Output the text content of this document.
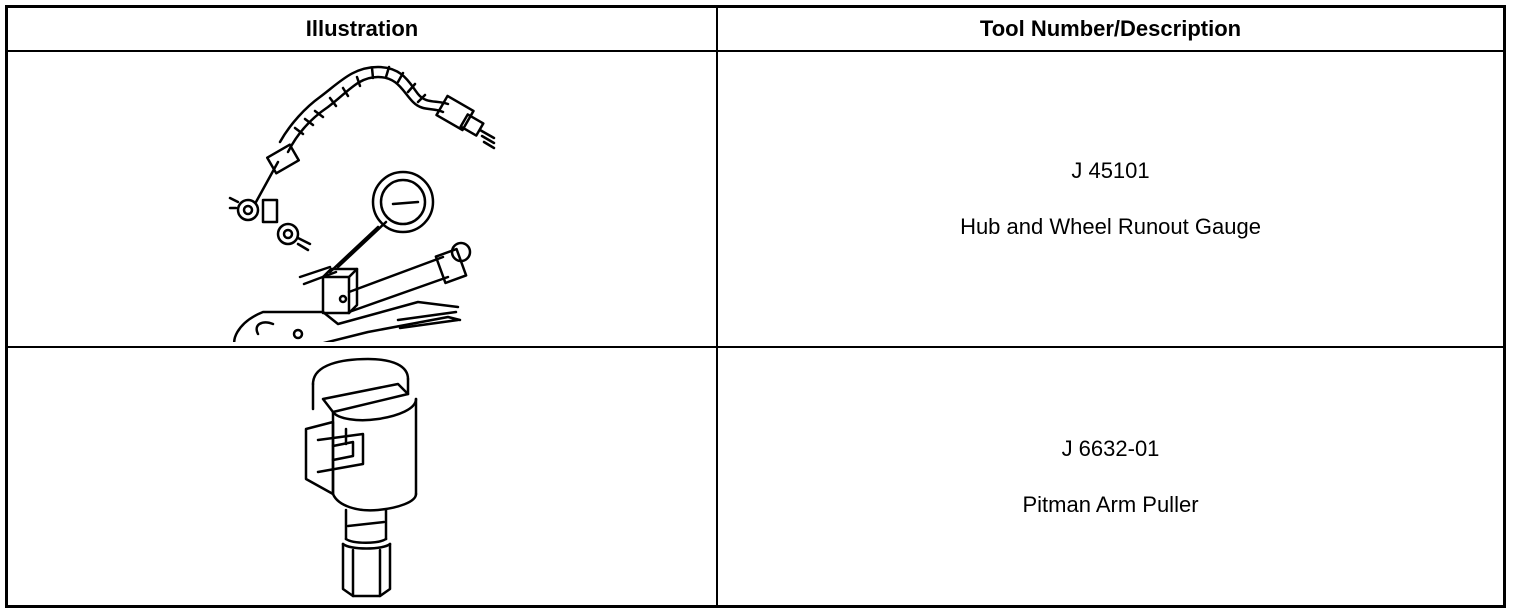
Illustration	Tool Number/Description
J 45101
Hub and Wheel Runout Gauge
J 6632-01
Pitman Arm Puller
